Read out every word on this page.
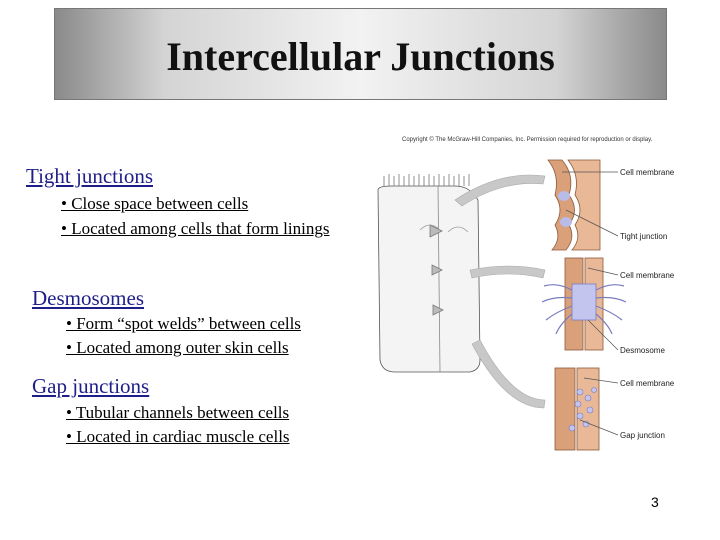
Intercellular Junctions
Copyright © The McGraw-Hill Companies, Inc. Permission required for reproduction or display.
Tight junctions
• Close space between cells
• Located among cells that form linings
Desmosomes
• Form “spot welds” between cells
• Located among outer skin cells
Gap junctions
• Tubular channels between cells
• Located in cardiac muscle cells
Cell membrane
Tight junction
Cell membrane
Desmosome
Cell membrane
Gap junction
3
